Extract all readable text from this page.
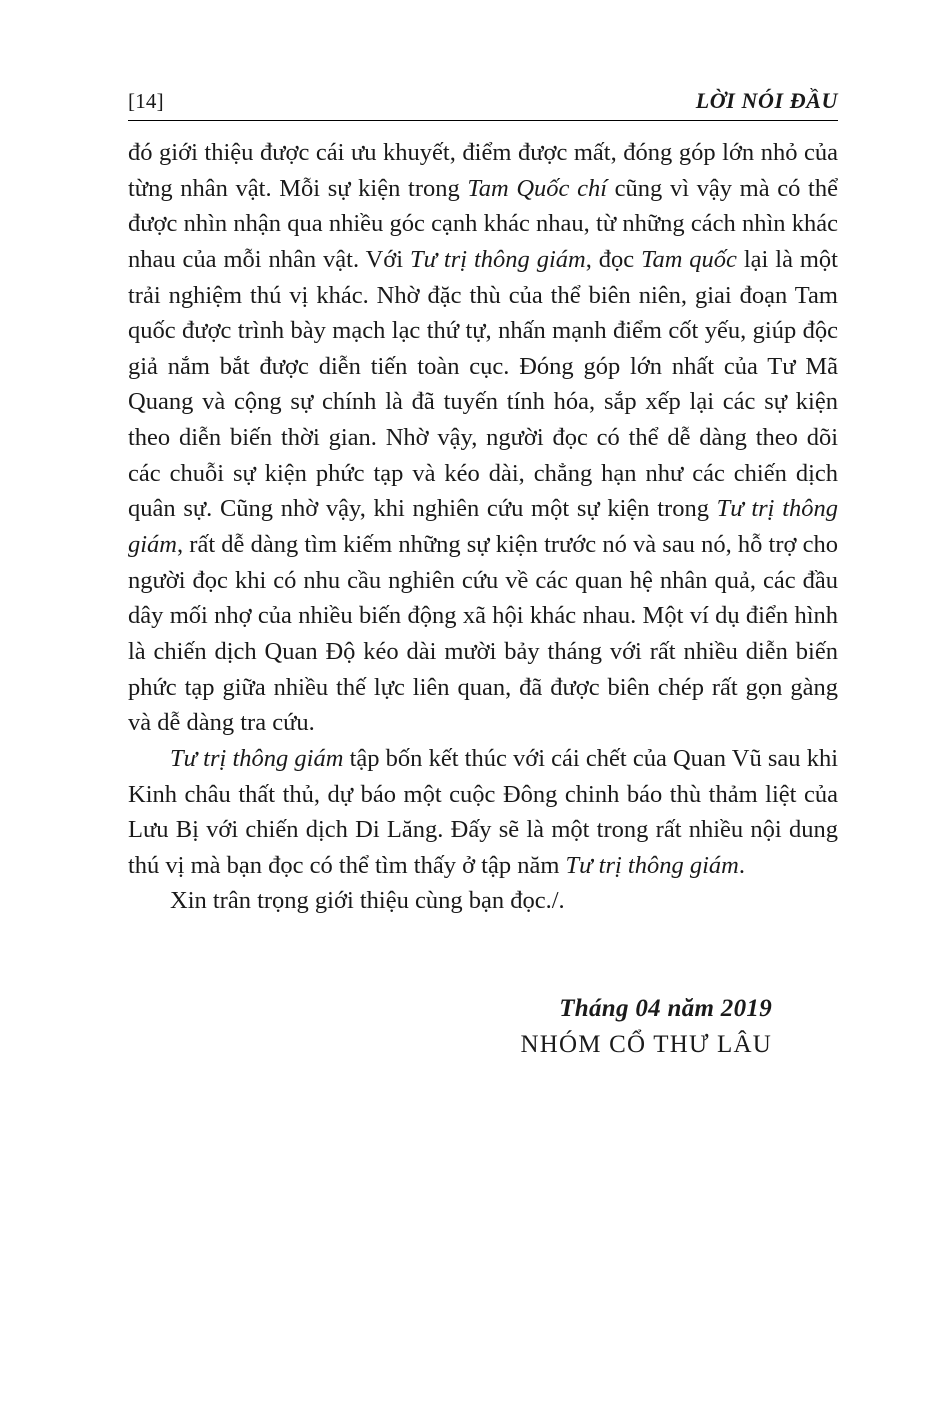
[14]	LỜI NÓI ĐẦU

đó giới thiệu được cái ưu khuyết, điểm được mất, đóng góp lớn nhỏ của từng nhân vật. Mỗi sự kiện trong Tam Quốc chí cũng vì vậy mà có thể được nhìn nhận qua nhiều góc cạnh khác nhau, từ những cách nhìn khác nhau của mỗi nhân vật. Với Tư trị thông giám, đọc Tam quốc lại là một trải nghiệm thú vị khác. Nhờ đặc thù của thể biên niên, giai đoạn Tam quốc được trình bày mạch lạc thứ tự, nhấn mạnh điểm cốt yếu, giúp độc giả nắm bắt được diễn tiến toàn cục. Đóng góp lớn nhất của Tư Mã Quang và cộng sự chính là đã tuyến tính hóa, sắp xếp lại các sự kiện theo diễn biến thời gian. Nhờ vậy, người đọc có thể dễ dàng theo dõi các chuỗi sự kiện phức tạp và kéo dài, chẳng hạn như các chiến dịch quân sự. Cũng nhờ vậy, khi nghiên cứu một sự kiện trong Tư trị thông giám, rất dễ dàng tìm kiếm những sự kiện trước nó và sau nó, hỗ trợ cho người đọc khi có nhu cầu nghiên cứu về các quan hệ nhân quả, các đầu dây mối nhợ của nhiều biến động xã hội khác nhau. Một ví dụ điển hình là chiến dịch Quan Độ kéo dài mười bảy tháng với rất nhiều diễn biến phức tạp giữa nhiều thế lực liên quan, đã được biên chép rất gọn gàng và dễ dàng tra cứu.

Tư trị thông giám tập bốn kết thúc với cái chết của Quan Vũ sau khi Kinh châu thất thủ, dự báo một cuộc Đông chinh báo thù thảm liệt của Lưu Bị với chiến dịch Di Lăng. Đấy sẽ là một trong rất nhiều nội dung thú vị mà bạn đọc có thể tìm thấy ở tập năm Tư trị thông giám.

Xin trân trọng giới thiệu cùng bạn đọc./.

Tháng 04 năm 2019
NHÓM CỔ THƯ LÂU
